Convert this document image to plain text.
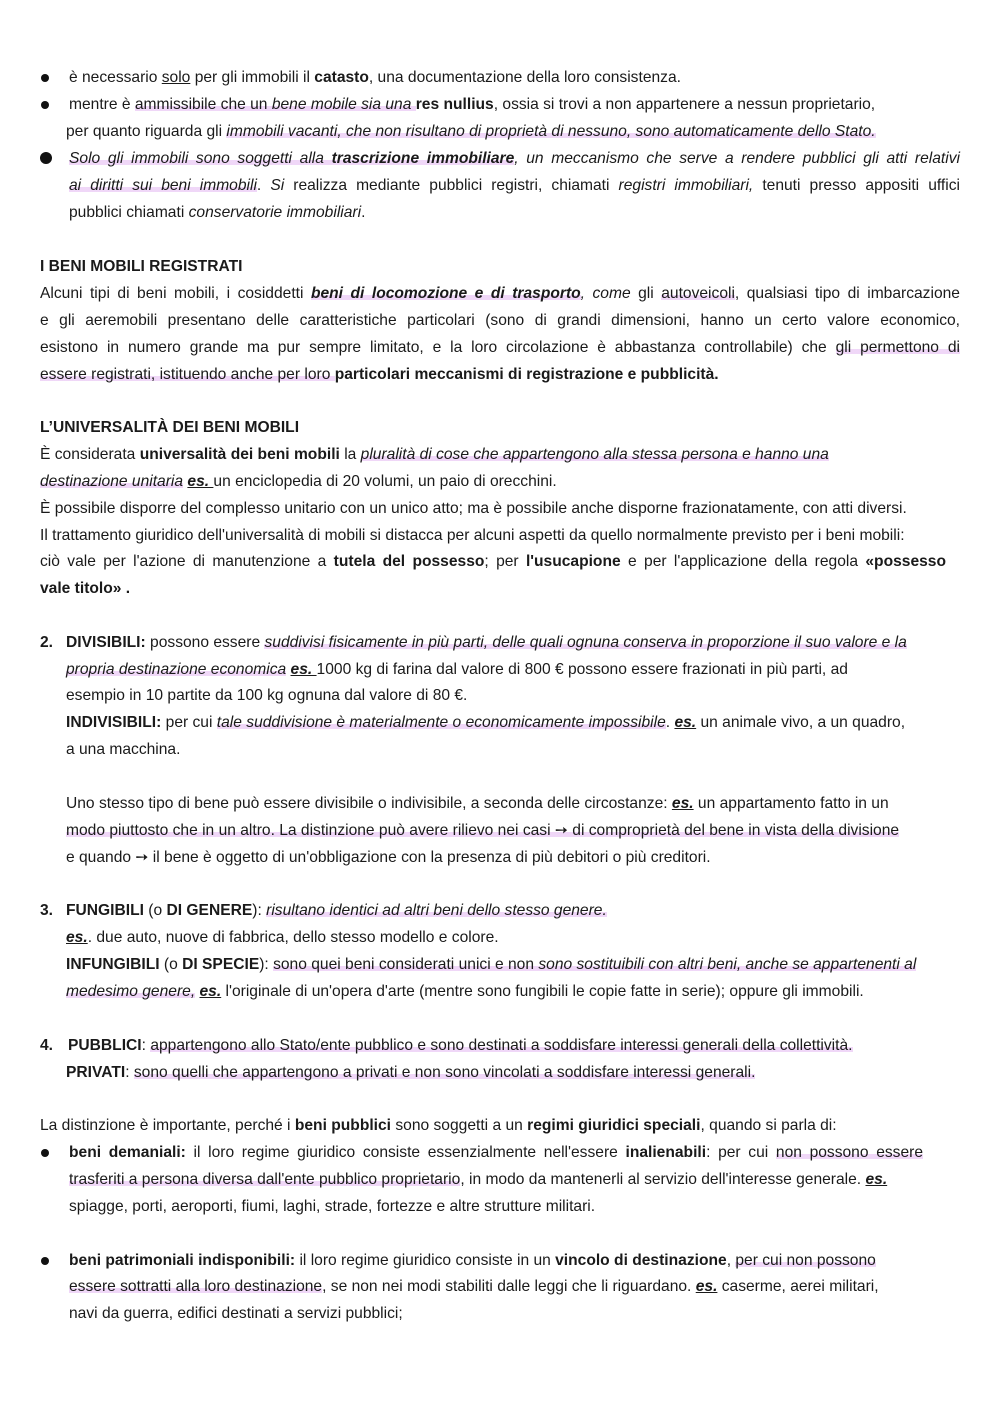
è necessario solo per gli immobili il catasto, una documentazione della loro consistenza.
mentre è ammissibile che un bene mobile sia una res nullius, ossia si trovi a non appartenere a nessun proprietario,
per quanto riguarda gli immobili vacanti, che non risultano di proprietà di nessuno, sono automaticamente dello Stato.
Solo gli immobili sono soggetti alla trascrizione immobiliare, un meccanismo che serve a rendere pubblici gli atti relativi
ai diritti sui beni immobili. Si realizza mediante pubblici registri, chiamati registri immobiliari, tenuti presso appositi uffici
pubblici chiamati conservatorie immobiliari.
I BENI MOBILI REGISTRATI
Alcuni tipi di beni mobili, i cosiddetti beni di locomozione e di trasporto, come gli autoveicoli, qualsiasi tipo di imbarcazione
e gli aeremobili presentano delle caratteristiche particolari (sono di grandi dimensioni, hanno un certo valore economico,
esistono in numero grande ma pur sempre limitato, e la loro circolazione è abbastanza controllabile) che gli permettono di
essere registrati, istituendo anche per loro particolari meccanismi di registrazione e pubblicità.
L’UNIVERSALITÀ DEI BENI MOBILI
È considerata universalità dei beni mobili la pluralità di cose che appartengono alla stessa persona e hanno una
destinazione unitaria es. un enciclopedia di 20 volumi, un paio di orecchini.
È possibile disporre del complesso unitario con un unico atto; ma è possibile anche disporne frazionatamente, con atti diversi.
Il trattamento giuridico dell'universalità di mobili si distacca per alcuni aspetti da quello normalmente previsto per i beni mobili:
ciò vale per l'azione di manutenzione a tutela del possesso; per l'usucapione e per l'applicazione della regola «possesso
vale titolo» .
2. DIVISIBILI: possono essere suddivisi fisicamente in più parti, delle quali ognuna conserva in proporzione il suo valore e la
propria destinazione economica es. 1000 kg di farina dal valore di 800 € possono essere frazionati in più parti, ad
esempio in 10 partite da 100 kg ognuna dal valore di 80 €.
INDIVISIBILI: per cui tale suddivisione è materialmente o economicamente impossibile. es. un animale vivo, a un quadro,
a una macchina.
Uno stesso tipo di bene può essere divisibile o indivisibile, a seconda delle circostanze: es. un appartamento fatto in un
modo piuttosto che in un altro. La distinzione può avere rilievo nei casi ➙ di comproprietà del bene in vista della divisione
e quando ➙ il bene è oggetto di un'obbligazione con la presenza di più debitori o più creditori.
3. FUNGIBILI (o DI GENERE): risultano identici ad altri beni dello stesso genere.
es.. due auto, nuove di fabbrica, dello stesso modello e colore.
INFUNGIBILI (o DI SPECIE): sono quei beni considerati unici e non sono sostituibili con altri beni, anche se appartenenti al
medesimo genere, es. l'originale di un'opera d'arte (mentre sono fungibili le copie fatte in serie); oppure gli immobili.
4. PUBBLICI: appartengono allo Stato/ente pubblico e sono destinati a soddisfare interessi generali della collettività.
PRIVATI: sono quelli che appartengono a privati e non sono vincolati a soddisfare interessi generali.
La distinzione è importante, perché i beni pubblici sono soggetti a un regimi giuridici speciali, quando si parla di:
beni demaniali: il loro regime giuridico consiste essenzialmente nell'essere inalienabili: per cui non possono essere
trasferiti a persona diversa dall'ente pubblico proprietario, in modo da mantenerli al servizio dell'interesse generale. es.
spiagge, porti, aeroporti, fiumi, laghi, strade, fortezze e altre strutture militari.
beni patrimoniali indisponibili: il loro regime giuridico consiste in un vincolo di destinazione, per cui non possono
essere sottratti alla loro destinazione, se non nei modi stabiliti dalle leggi che li riguardano. es. caserme, aerei militari,
navi da guerra, edifici destinati a servizi pubblici;
